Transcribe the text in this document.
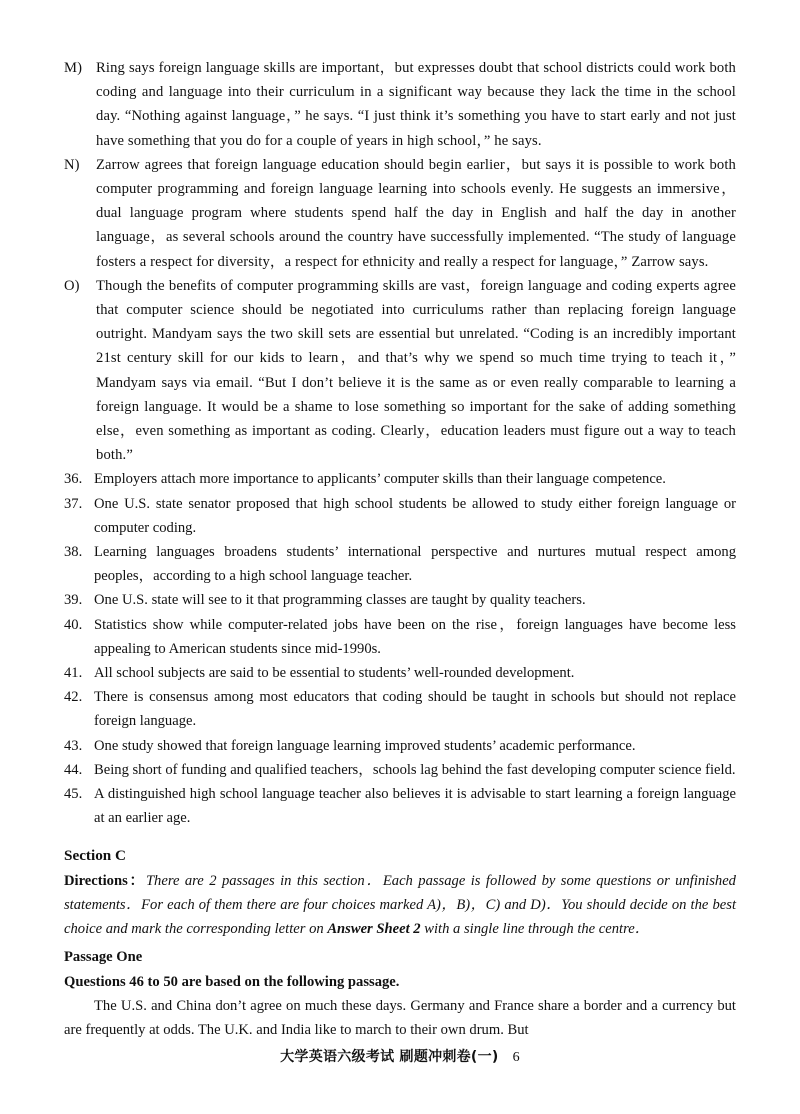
M) Ring says foreign language skills are important，but expresses doubt that school districts could work both coding and language into their curriculum in a significant way because they lack the time in the school day. “Nothing against language，” he says. “I just think it’s something you have to start early and not just have something that you do for a couple of years in high school，” he says.
N)	Zarrow agrees that foreign language education should begin earlier，but says it is possible to work both computer programming and foreign language learning into schools evenly. He suggests an immersive，dual language program where students spend half the day in English and half the day in another language，as several schools around the country have successfully implemented. “The study of language fosters a respect for diversity，a respect for ethnicity and really a respect for language，” Zarrow says.
O)	Though the benefits of computer programming skills are vast，foreign language and coding experts agree that computer science should be negotiated into curriculums rather than replacing foreign language outright. Mandyam says the two skill sets are essential but unrelated. “Coding is an incredibly important 21st century skill for our kids to learn，and that’s why we spend so much time trying to teach it，” Mandyam says via email. “But I don’t believe it is the same as or even really comparable to learning a foreign language. It would be a shame to lose something so important for the sake of adding something else，even something as important as coding. Clearly，education leaders must figure out a way to teach both.”
36. Employers attach more importance to applicants’ computer skills than their language competence.
37. One U.S. state senator proposed that high school students be allowed to study either foreign language or computer coding.
38. Learning languages broadens students’ international perspective and nurtures mutual respect among peoples，according to a high school language teacher.
39. One U.S. state will see to it that programming classes are taught by quality teachers.
40. Statistics show while computer-related jobs have been on the rise，foreign languages have become less appealing to American students since mid-1990s.
41. All school subjects are said to be essential to students’ well-rounded development.
42. There is consensus among most educators that coding should be taught in schools but should not replace foreign language.
43. One study showed that foreign language learning improved students’ academic performance.
44. Being short of funding and qualified teachers，schools lag behind the fast developing computer science field.
45. A distinguished high school language teacher also believes it is advisable to start learning a foreign language at an earlier age.
Section C
Directions：There are 2 passages in this section．Each passage is followed by some questions or unfinished statements．For each of them there are four choices marked A)，B)，C) and D)．You should decide on the best choice and mark the corresponding letter on Answer Sheet 2 with a single line through the centre．
Passage One
Questions 46 to 50 are based on the following passage.
The U.S. and China don’t agree on much these days. Germany and France share a border and a currency but are frequently at odds. The U.K. and India like to march to their own drum. But
大学英语六级考试 刷题冲刺卷(一) 6
